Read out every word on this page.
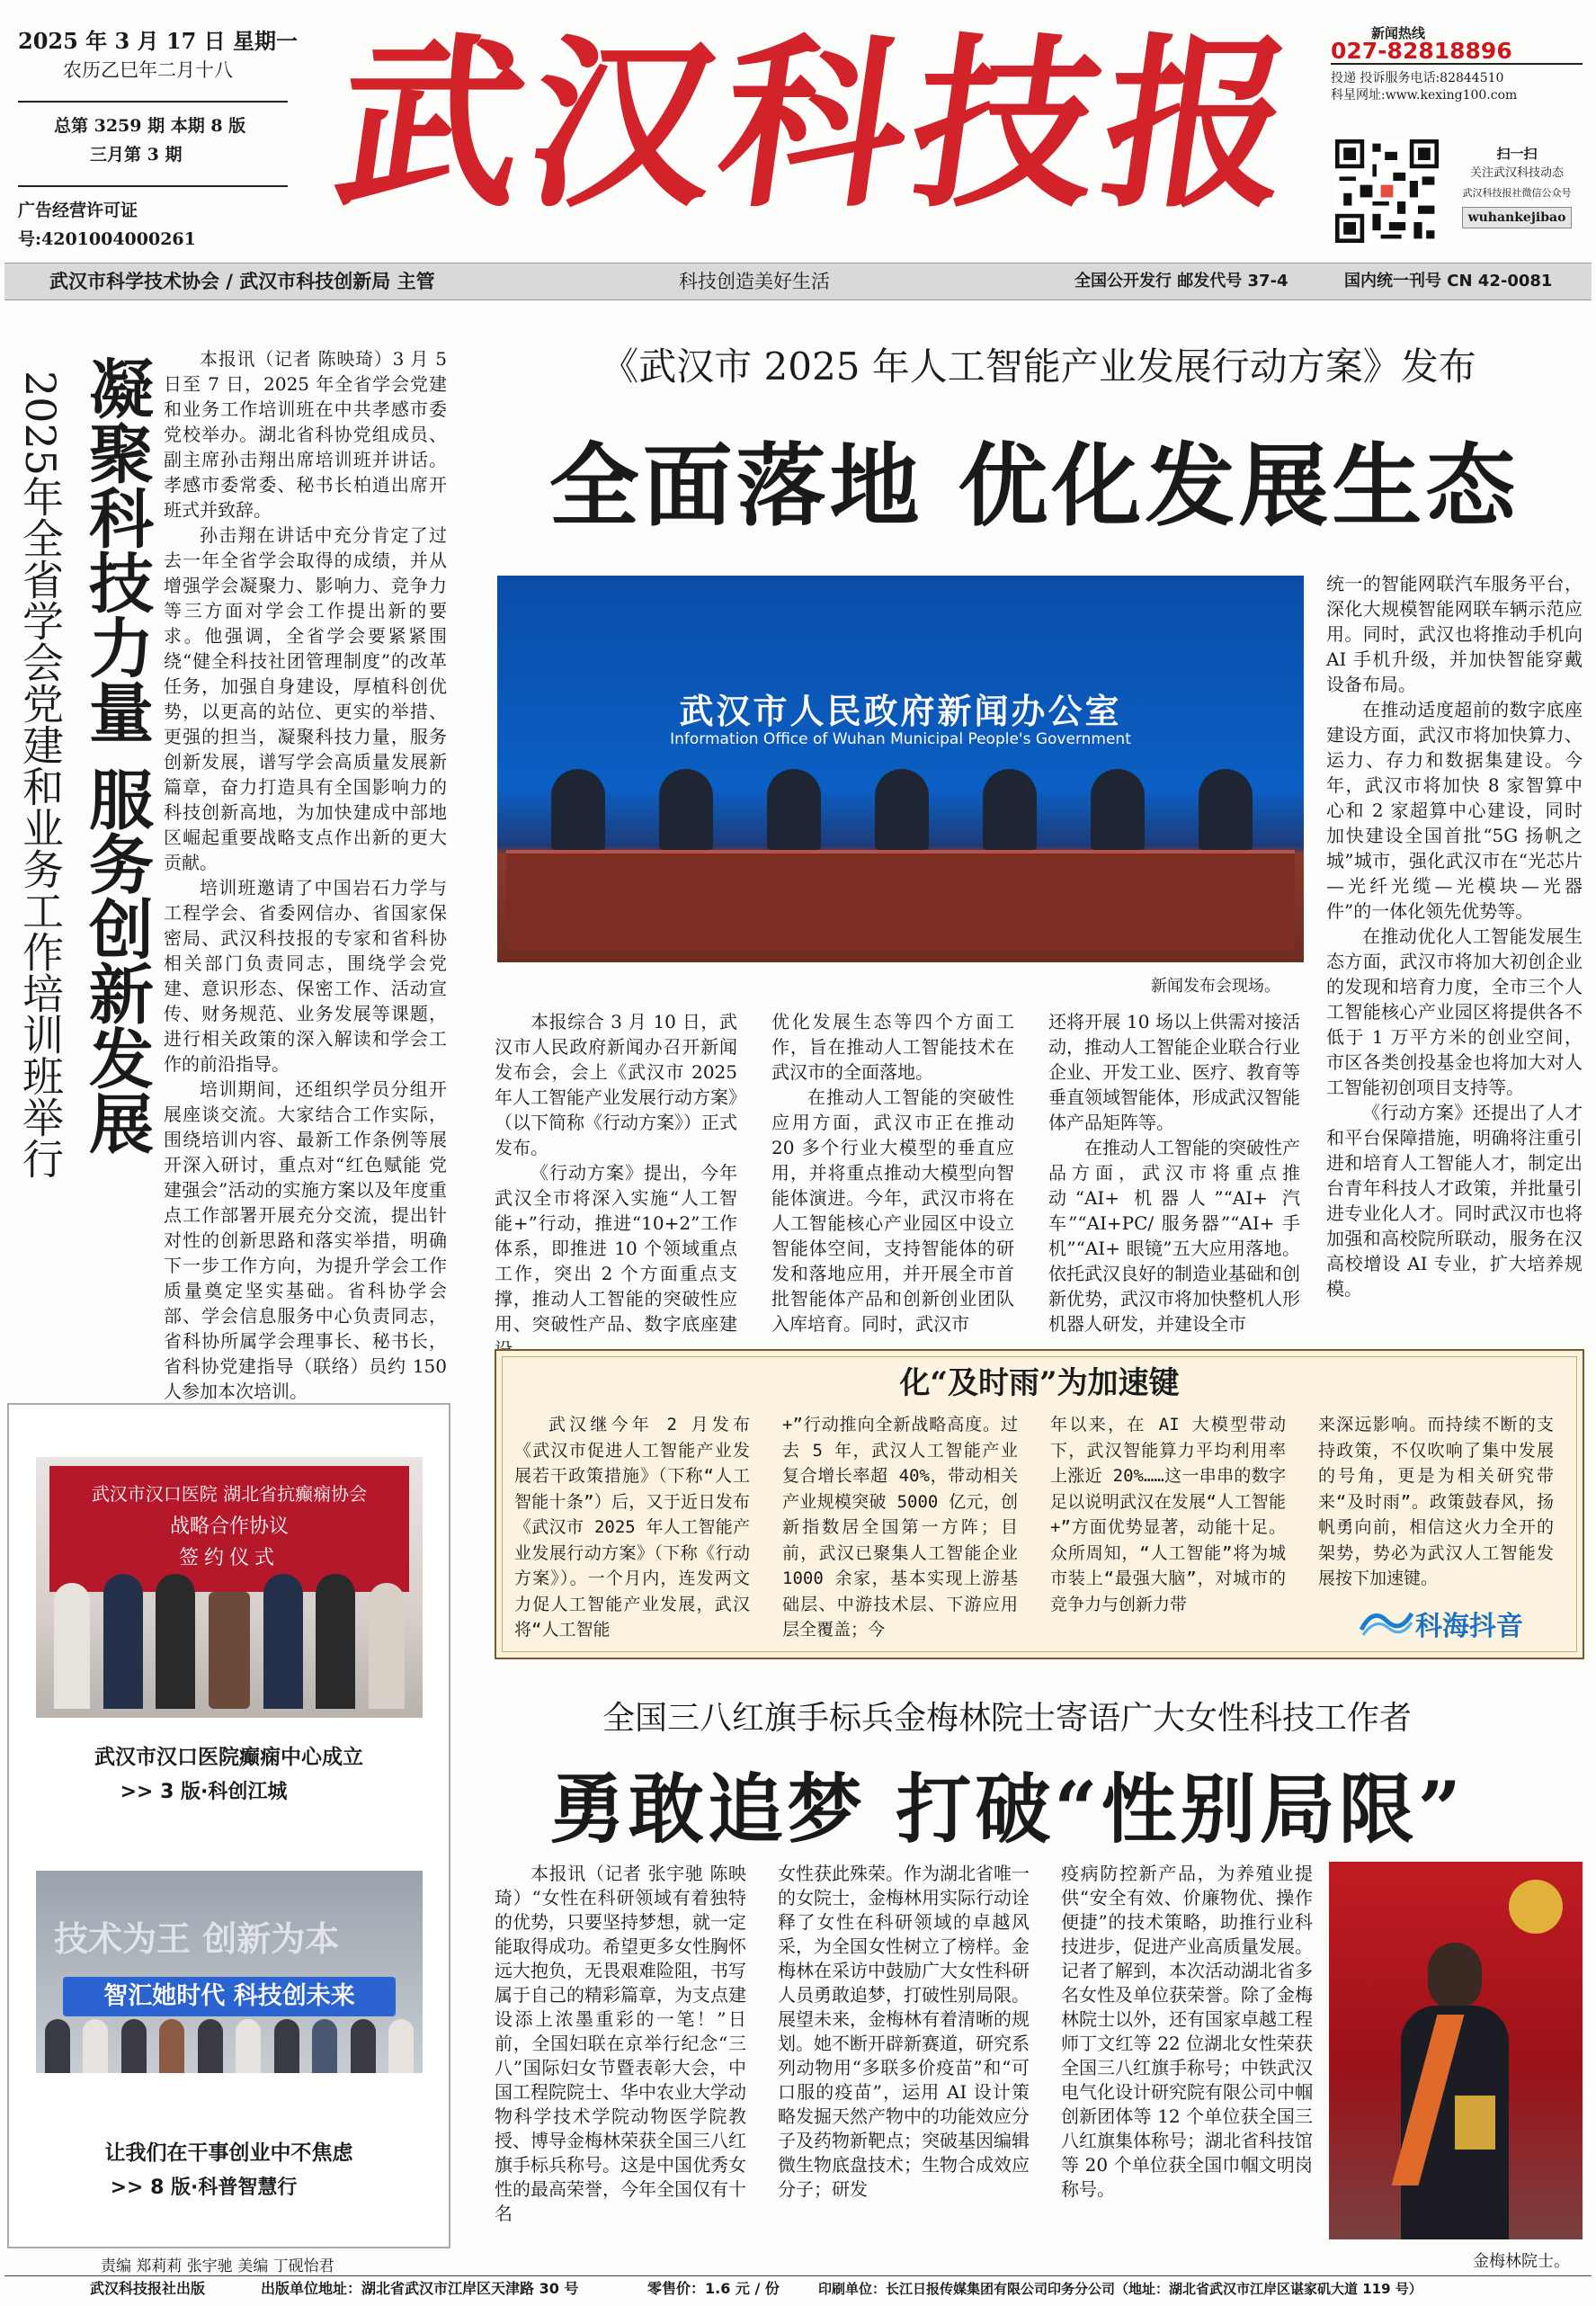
2025 年 3 月 17 日 星期一
农历乙巳年二月十八
总第 3259 期 本期 8 版
三月第 3 期
广告经营许可证号:4201004000261
武汉科技报	新闻热线
027-82818896
投递 投诉服务电话:82844510
科星网址:www.kexing100.com
扫一扫
关注武汉科技动态
武汉科技报社微信公众号
wuhankejibao
武汉市科学技术协会 / 武汉市科技创新局 主管	科技创造美好生活	全国公开发行 邮发代号 37-4	国内统一刊号 CN 42-0081
2025年全省学会党建和业务工作培训班举行 凝聚科技力量 服务创新发展	本报讯（记者 陈映琦）3 月 5 日至 7 日，2025 年全省学会党建和业务工作培训班在中共孝感市委党校举办。湖北省科协党组成员、副主席孙击翔出席培训班并讲话。孝感市委常委、秘书长柏逍出席开班式并致辞。

孙击翔在讲话中充分肯定了过去一年全省学会取得的成绩，并从增强学会凝聚力、影响力、竞争力等三方面对学会工作提出新的要求。他强调，全省学会要紧紧围绕“健全科技社团管理制度”的改革任务，加强自身建设，厚植科创优势，以更高的站位、更实的举措、更强的担当，凝聚科技力量，服务创新发展，谱写学会高质量发展新篇章，奋力打造具有全国影响力的科技创新高地，为加快建成中部地区崛起重要战略支点作出新的更大贡献。

培训班邀请了中国岩石力学与工程学会、省委网信办、省国家保密局、武汉科技报的专家和省科协相关部门负责同志，围绕学会党建、意识形态、保密工作、活动宣传、财务规范、业务发展等课题，进行相关政策的深入解读和学会工作的前沿指导。

培训期间，还组织学员分组开展座谈交流。大家结合工作实际，围绕培训内容、最新工作条例等展开深入研讨，重点对“红色赋能 党建强会”活动的实施方案以及年度重点工作部署开展充分交流，提出针对性的创新思路和落实举措，明确下一步工作方向，为提升学会工作质量奠定坚实基础。省科协学会部、学会信息服务中心负责同志，省科协所属学会理事长、秘书长，省科协党建指导（联络）员约 150 人参加本次培训。

《武汉市 2025 年人工智能产业发展行动方案》发布
全面落地 优化发展生态
武汉市人民政府新闻办公室
Information Office of Wuhan Municipal People's Government
新闻发布会现场。

统一的智能网联汽车服务平台，深化大规模智能网联车辆示范应用。同时，武汉也将推动手机向 AI 手机升级，并加快智能穿戴设备布局。

在推动适度超前的数字底座建设方面，武汉市将加快算力、运力、存力和数据集建设。今年，武汉市将加快 8 家智算中心和 2 家超算中心建设，同时加快建设全国首批“5G 扬帆之城”城市，强化武汉市在“光芯片—光纤光缆—光模块—光器件”的一体化领先优势等。

在推动优化人工智能发展生态方面，武汉市将加大初创企业的发现和培育力度，全市三个人工智能核心产业园区将提供各不低于 1 万平方米的创业空间，市区各类创投基金也将加大对人工智能初创项目支持等。

《行动方案》还提出了人才和平台保障措施，明确将注重引进和培育人工智能人才，制定出台青年科技人才政策，并批量引进专业化人才。同时武汉市也将加强和高校院所联动，服务在汉高校增设 AI 专业，扩大培养规模。

本报综合 3 月 10 日，武汉市人民政府新闻办召开新闻发布会，会上《武汉市 2025 年人工智能产业发展行动方案》（以下简称《行动方案》）正式发布。

《行动方案》提出，今年武汉全市将深入实施“人工智能+”行动，推进“10+2”工作体系，即推进 10 个领域重点工作，突出 2 个方面重点支撑，推动人工智能的突破性应用、突破性产品、数字底座建

优化发展生态等四个方面工作，旨在推动人工智能技术在武汉市的全面落地。

在推动人工智能的突破性应用方面，武汉市正在推动 20 多个行业大模型的垂直应用，并将重点推动大模型向智能体演进。今年，武汉市将在人工智能核心产业园区中设立智能体空间，支持智能体的研发和落地应用，并开展全市首批智能体产品和创新创业团队入库培育。同时，武汉市

还将开展 10 场以上供需对接活动，推动人工智能企业联合行业企业、开发工业、医疗、教育等垂直领域智能体，形成武汉智能体产品矩阵等。

在推动人工智能的突破性产品方面，武汉市将重点推动“AI+ 机器人”“AI+ 汽车”“AI+PC/ 服务器”“AI+ 手机”“AI+ 眼镜”五大应用落地。依托武汉良好的制造业基础和创新优势，武汉市将加快整机人形机器人研发，并建设全市

化“及时雨”为加速键
武汉继今年 2 月发布《武汉市促进人工智能产业发展若干政策措施》（下称“人工智能十条”）后，又于近日发布《武汉市 2025 年人工智能产业发展行动方案》（下称《行动方案》）。一个月内，连发两文力促人工智能产业发展，武汉将“人工智能
+”行动推向全新战略高度。过去 5 年，武汉人工智能产业复合增长率超 40%，带动相关产业规模突破 5000 亿元，创新指数居全国第一方阵；目前，武汉已聚集人工智能企业 1000 余家，基本实现上游基础层、中游技术层、下游应用层全覆盖；今
年以来，在 AI 大模型带动下，武汉智能算力平均利用率上涨近 20%……这一串串的数字足以说明武汉在发展“人工智能 +”方面优势显著，动能十足。众所周知，“人工智能”将为城市装上“最强大脑”，对城市的竞争力与创新力带
来深远影响。而持续不断的支持政策，不仅吹响了集中发展的号角，更是为相关研究带来“及时雨”。政策鼓春风，扬帆勇向前，相信这火力全开的架势，势必为武汉人工智能发展按下加速键。
科海抖音
武汉市汉口医院 湖北省抗癫痫协会
战略合作协议
签约仪式
武汉市汉口医院癫痫中心成立
>> 3 版·科创江城
技术为王 创新为本
智汇她时代 科技创未来
让我们在干事创业中不焦虑
>> 8 版·科普智慧行
全国三八红旗手标兵金梅林院士寄语广大女性科技工作者
勇敢追梦 打破“性别局限”
本报讯（记者 张宇驰 陈映琦）“女性在科研领域有着独特的优势，只要坚持梦想，就一定能取得成功。希望更多女性胸怀远大抱负，无畏艰难险阻，书写属于自己的精彩篇章，为支点建设添上浓墨重彩的一笔！”日前，全国妇联在京举行纪念“三八”国际妇女节暨表彰大会，中国工程院院士、华中农业大学动物科学技术学院动物医学院教授、博导金梅林荣获全国三八红旗手标兵称号。这是中国优秀女性的最高荣誉，今年全国仅有十名
女性获此殊荣。作为湖北省唯一的女院士，金梅林用实际行动诠释了女性在科研领域的卓越风采，为全国女性树立了榜样。金梅林在采访中鼓励广大女性科研人员勇敢追梦，打破性别局限。展望未来，金梅林有着清晰的规划。她不断开辟新赛道，研究系列动物用“多联多价疫苗”和“可口服的疫苗”，运用 AI 设计策略发掘天然产物中的功能效应分子及药物新靶点；突破基因编辑微生物底盘技术；生物合成效应分子；研发
疫病防控新产品，为养殖业提供“安全有效、价廉物优、操作便捷”的技术策略，助推行业科技进步，促进产业高质量发展。记者了解到，本次活动湖北省多名女性及单位获荣誉。除了金梅林院士以外，还有国家卓越工程师丁文红等 22 位湖北女性荣获全国三八红旗手称号；中铁武汉电气化设计研究院有限公司中帼创新团体等 12 个单位获全国三八红旗集体称号；湖北省科技馆等 20 个单位获全国巾帼文明岗称号。
金梅林院士。
责编 郑莉莉 张宇驰 美编 丁砚怡君
武汉科技报社出版	出版单位地址：湖北省武汉市江岸区天津路 30 号	零售价：1.6 元 / 份	印刷单位：长江日报传媒集团有限公司印务分公司（地址：湖北省武汉市江岸区谌家矶大道 119 号）
